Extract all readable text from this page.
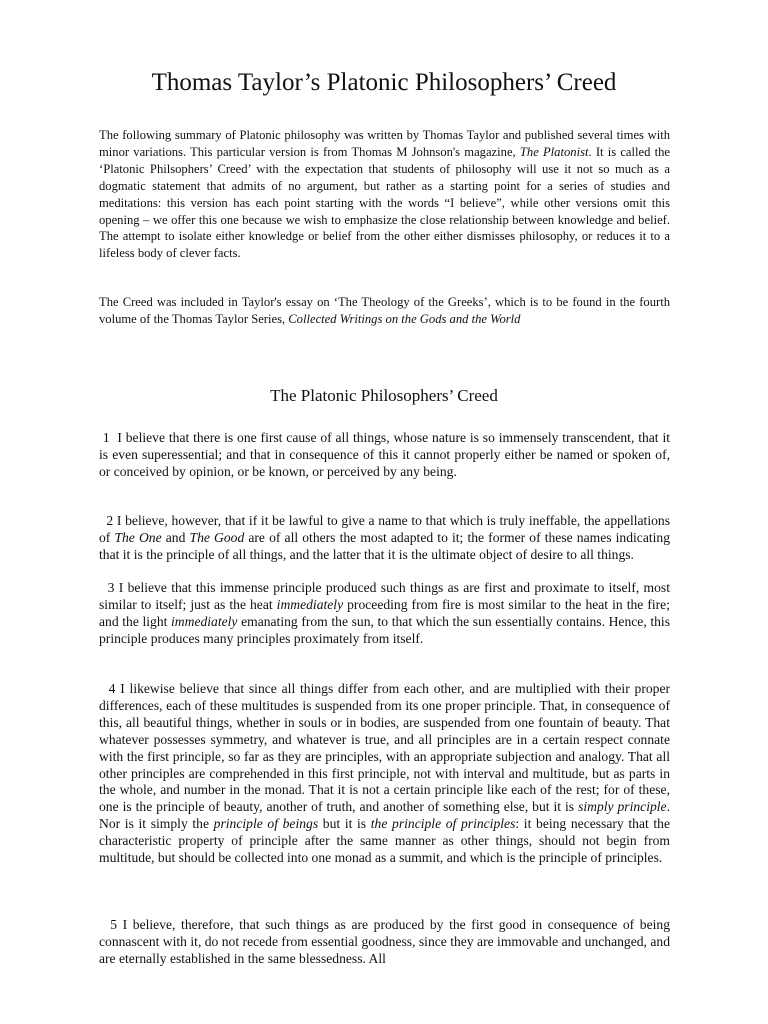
Thomas Taylor’s Platonic Philosophers’ Creed

The following summary of Platonic philosophy was written by Thomas Taylor and published several times with minor variations. This particular version is from Thomas M Johnson's magazine, The Platonist. It is called the ‘Platonic Philsophers’ Creed’ with the expectation that students of philosophy will use it not so much as a dogmatic statement that admits of no argument, but rather as a starting point for a series of studies and meditations: this version has each point starting with the words “I believe”, while other versions omit this opening – we offer this one because we wish to emphasize the close relationship between knowledge and belief. The attempt to isolate either knowledge or belief from the other either dismisses philosophy, or reduces it to a lifeless body of clever facts.

The Creed was included in Taylor's essay on ‘The Theology of the Greeks’, which is to be found in the fourth volume of the Thomas Taylor Series, Collected Writings on the Gods and the World

The Platonic Philosophers’ Creed

1 I believe that there is one first cause of all things, whose nature is so immensely transcendent, that it is even superessential; and that in consequence of this it cannot properly either be named or spoken of, or conceived by opinion, or be known, or perceived by any being.

2 I believe, however, that if it be lawful to give a name to that which is truly ineffable, the appellations of The One and The Good are of all others the most adapted to it; the former of these names indicating that it is the principle of all things, and the latter that it is the ultimate object of desire to all things.

3 I believe that this immense principle produced such things as are first and proximate to itself, most similar to itself; just as the heat immediately proceeding from fire is most similar to the heat in the fire; and the light immediately emanating from the sun, to that which the sun essentially contains. Hence, this principle produces many principles proximately from itself.

4 I likewise believe that since all things differ from each other, and are multiplied with their proper differences, each of these multitudes is suspended from its one proper principle. That, in consequence of this, all beautiful things, whether in souls or in bodies, are suspended from one fountain of beauty. That whatever possesses symmetry, and whatever is true, and all principles are in a certain respect connate with the first principle, so far as they are principles, with an appropriate subjection and analogy. That all other principles are comprehended in this first principle, not with interval and multitude, but as parts in the whole, and number in the monad. That it is not a certain principle like each of the rest; for of these, one is the principle of beauty, another of truth, and another of something else, but it is simply principle. Nor is it simply the principle of beings but it is the principle of principles: it being necessary that the characteristic property of principle after the same manner as other things, should not begin from multitude, but should be collected into one monad as a summit, and which is the principle of principles.

5 I believe, therefore, that such things as are produced by the first good in consequence of being connascent with it, do not recede from essential goodness, since they are immovable and unchanged, and are eternally established in the same blessedness. All
